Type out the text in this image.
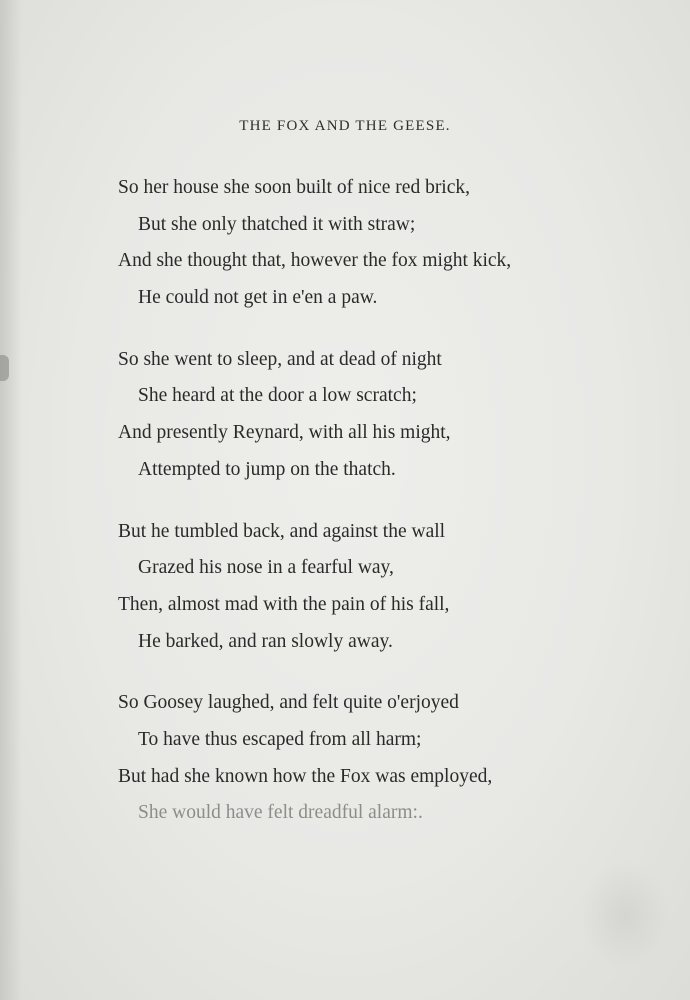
THE FOX AND THE GEESE.
So her house she soon built of nice red brick,
But she only thatched it with straw;
And she thought that, however the fox might kick,
He could not get in e'en a paw.
So she went to sleep, and at dead of night
She heard at the door a low scratch;
And presently Reynard, with all his might,
Attempted to jump on the thatch.
But he tumbled back, and against the wall
Grazed his nose in a fearful way,
Then, almost mad with the pain of his fall,
He barked, and ran slowly away.
So Goosey laughed, and felt quite o'erjoyed
To have thus escaped from all harm;
But had she known how the Fox was employed,
She would have felt dreadful alarm:.
